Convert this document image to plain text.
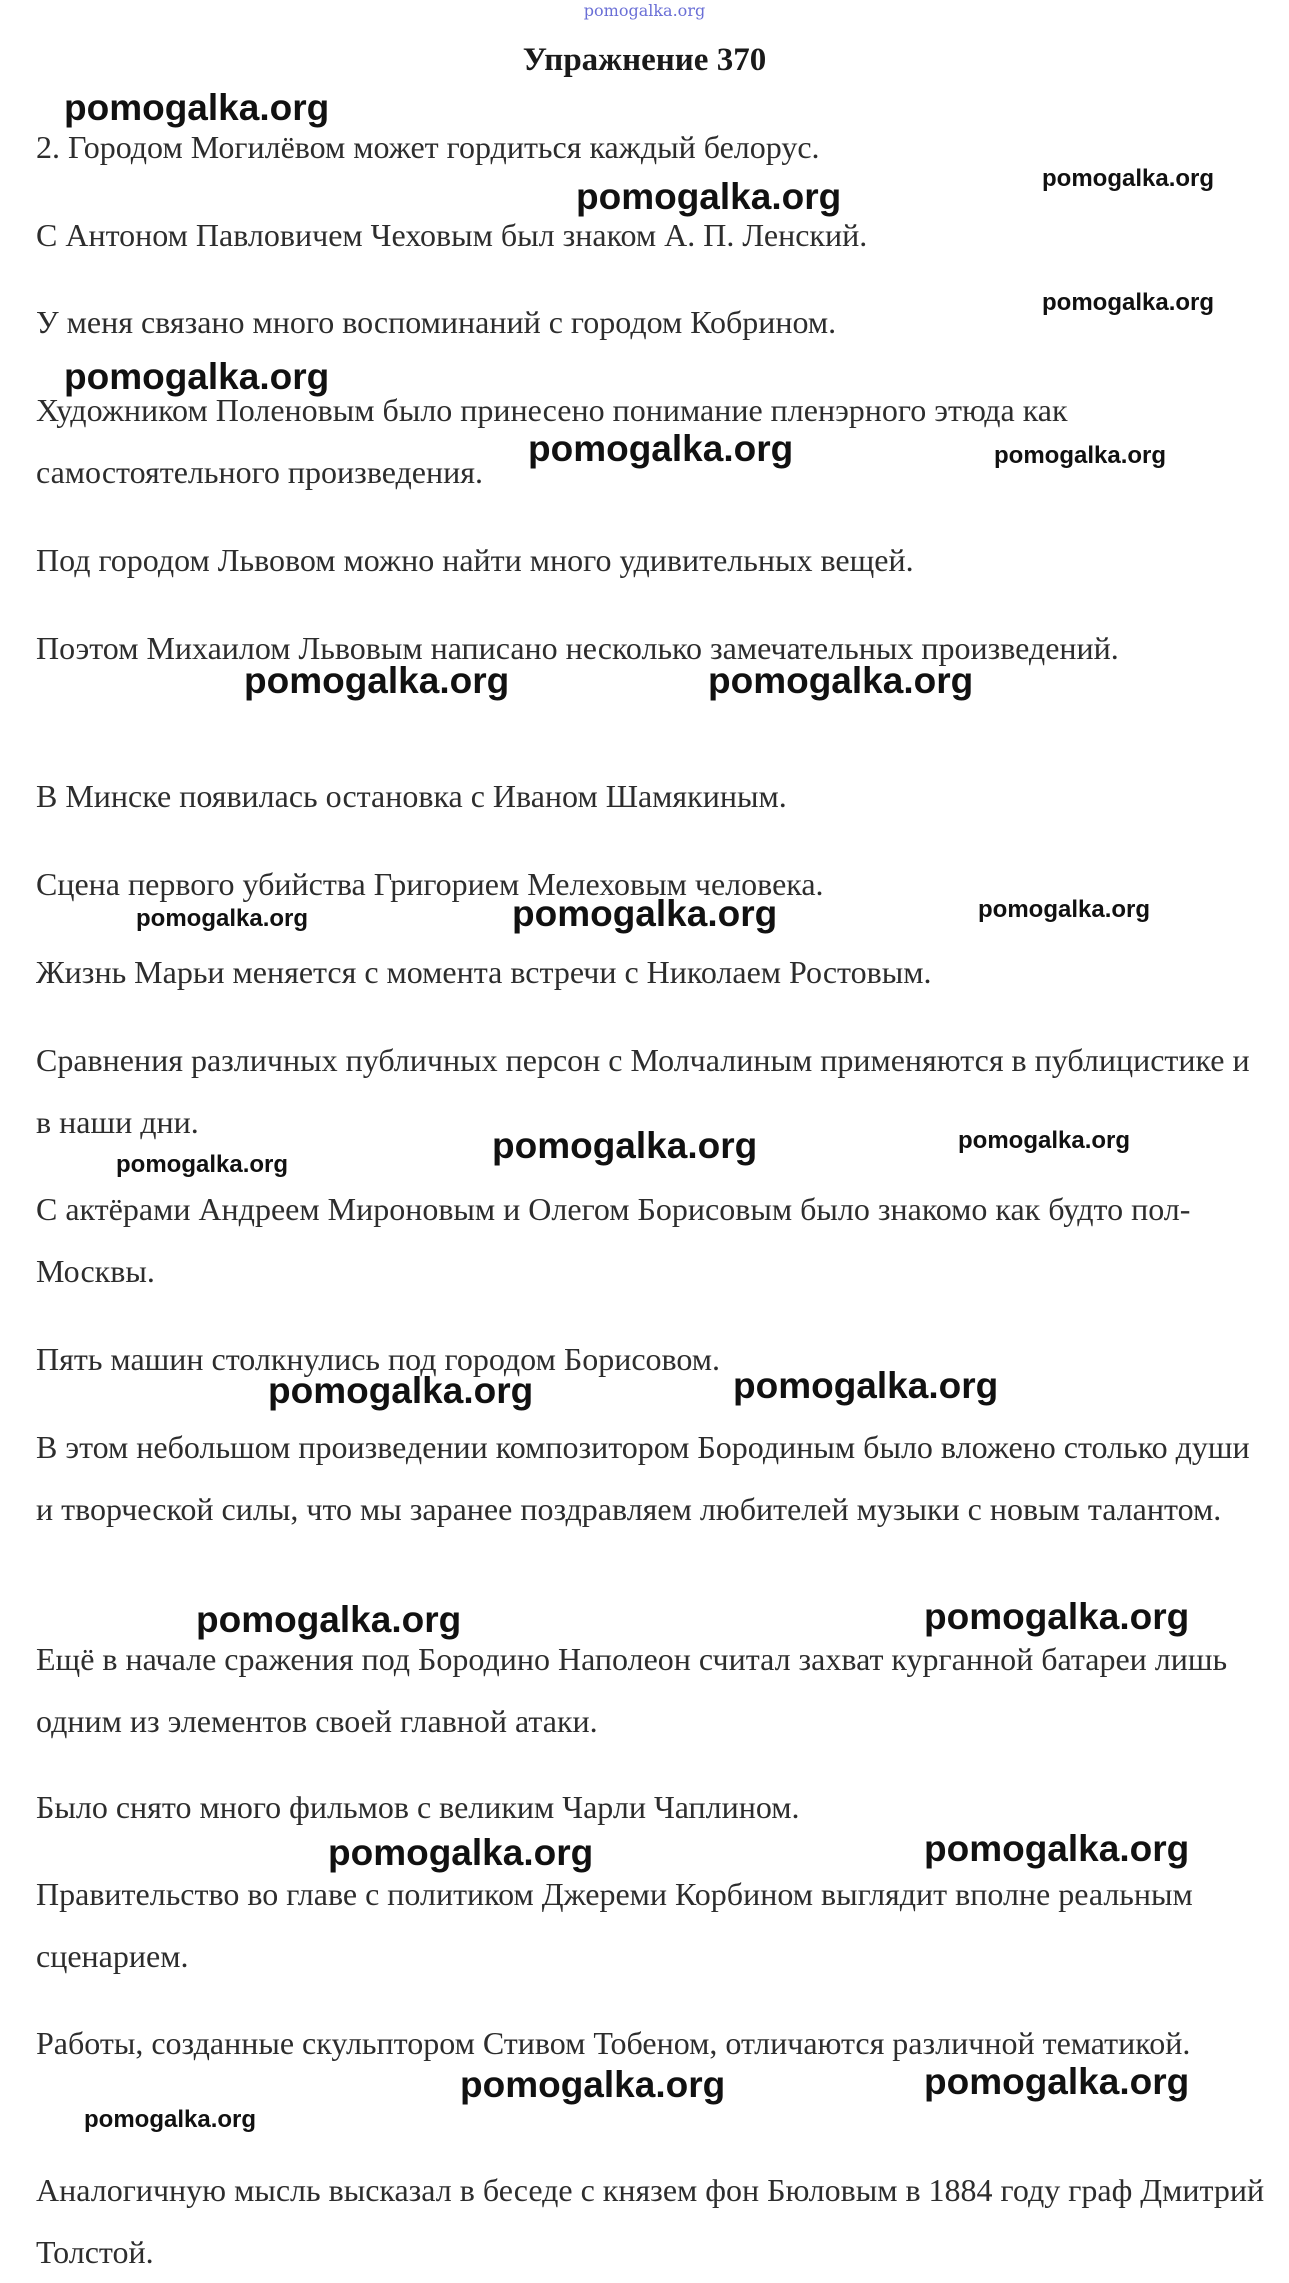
pomogalka.org
Упражнение 370

2. Городом Могилёвом может гордиться каждый белорус.

С Антоном Павловичем Чеховым был знаком А. П. Ленский.

У меня связано много воспоминаний с городом Кобрином.

Художником Поленовым было принесено понимание пленэрного этюда как самостоятельного произведения.

Под городом Львовом можно найти много удивительных вещей.

Поэтом Михаилом Львовым написано несколько замечательных произведений.

В Минске появилась остановка с Иваном Шамякиным.

Сцена первого убийства Григорием Мелеховым человека.

Жизнь Марьи меняется с момента встречи с Николаем Ростовым.

Сравнения различных публичных персон с Молчалиным применяются в публицистике и в наши дни.

С актёрами Андреем Мироновым и Олегом Борисовым было знакомо как будто пол-Москвы.

Пять машин столкнулись под городом Борисовом.

В этом небольшом произведении композитором Бородиным было вложено столько души и творческой силы, что мы заранее поздравляем любителей музыки с новым талантом.

Ещё в начале сражения под Бородино Наполеон считал захват курганной батареи лишь одним из элементов своей главной атаки.

Было снято много фильмов с великим Чарли Чаплином.

Правительство во главе с политиком Джереми Корбином выглядит вполне реальным сценарием.

Работы, созданные скульптором Стивом Тобеном, отличаются различной тематикой.

Аналогичную мысль высказал в беседе с князем фон Бюловым в 1884 году граф Дмитрий Толстой.

pomogalka.org
pomogalka.org	pomogalka.org
pomogalka.org
pomogalka.org
pomogalka.org	pomogalka.org
pomogalka.org	pomogalka.org
pomogalka.org	pomogalka.org	pomogalka.org
pomogalka.org	pomogalka.org	pomogalka.org
pomogalka.org	pomogalka.org
pomogalka.org	pomogalka.org
pomogalka.org	pomogalka.org
pomogalka.org	pomogalka.org
pomogalka.org
